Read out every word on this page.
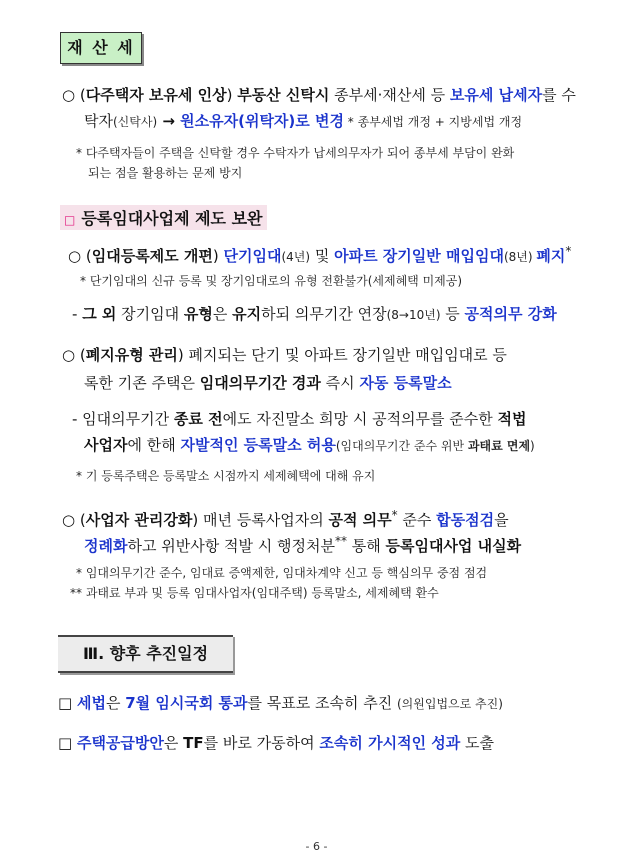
재 산 세
○ (다주택자 보유세 인상) 부동산 신탁시 종부세·재산세 등 보유세 납세자를 수
탁자(신탁사) → 원소유자(위탁자)로 변경 * 종부세법 개정 + 지방세법 개정
* 다주택자들이 주택을 신탁할 경우 수탁자가 납세의무자가 되어 종부세 부담이 완화
되는 점을 활용하는 문제 방지
□ 등록임대사업제 제도 보완
○ (임대등록제도 개편) 단기임대(4년) 및 아파트 장기일반 매입임대(8년) 폐지*
* 단기임대의 신규 등록 및 장기임대로의 유형 전환불가(세제혜택 미제공)
- 그 외 장기임대 유형은 유지하되 의무기간 연장(8→10년) 등 공적의무 강화
○ (폐지유형 관리) 폐지되는 단기 및 아파트 장기일반 매입임대로 등
록한 기존 주택은 임대의무기간 경과 즉시 자동 등록말소
- 임대의무기간 종료 전에도 자진말소 희망 시 공적의무를 준수한 적법
사업자에 한해 자발적인 등록말소 허용(임대의무기간 준수 위반 과태료 면제)
* 기 등록주택은 등록말소 시점까지 세제혜택에 대해 유지
○ (사업자 관리강화) 매년 등록사업자의 공적 의무* 준수 합동점검을
정례화하고 위반사항 적발 시 행정처분** 통해 등록임대사업 내실화
* 임대의무기간 준수, 임대료 증액제한, 임대차계약 신고 등 핵심의무 중점 점검
** 과태료 부과 및 등록 임대사업자(임대주택) 등록말소, 세제혜택 환수
Ⅲ. 향후 추진일정
□ 세법은 7월 임시국회 통과를 목표로 조속히 추진 (의원입법으로 추진)
□ 주택공급방안은 TF를 바로 가동하여 조속히 가시적인 성과 도출
- 6 -
